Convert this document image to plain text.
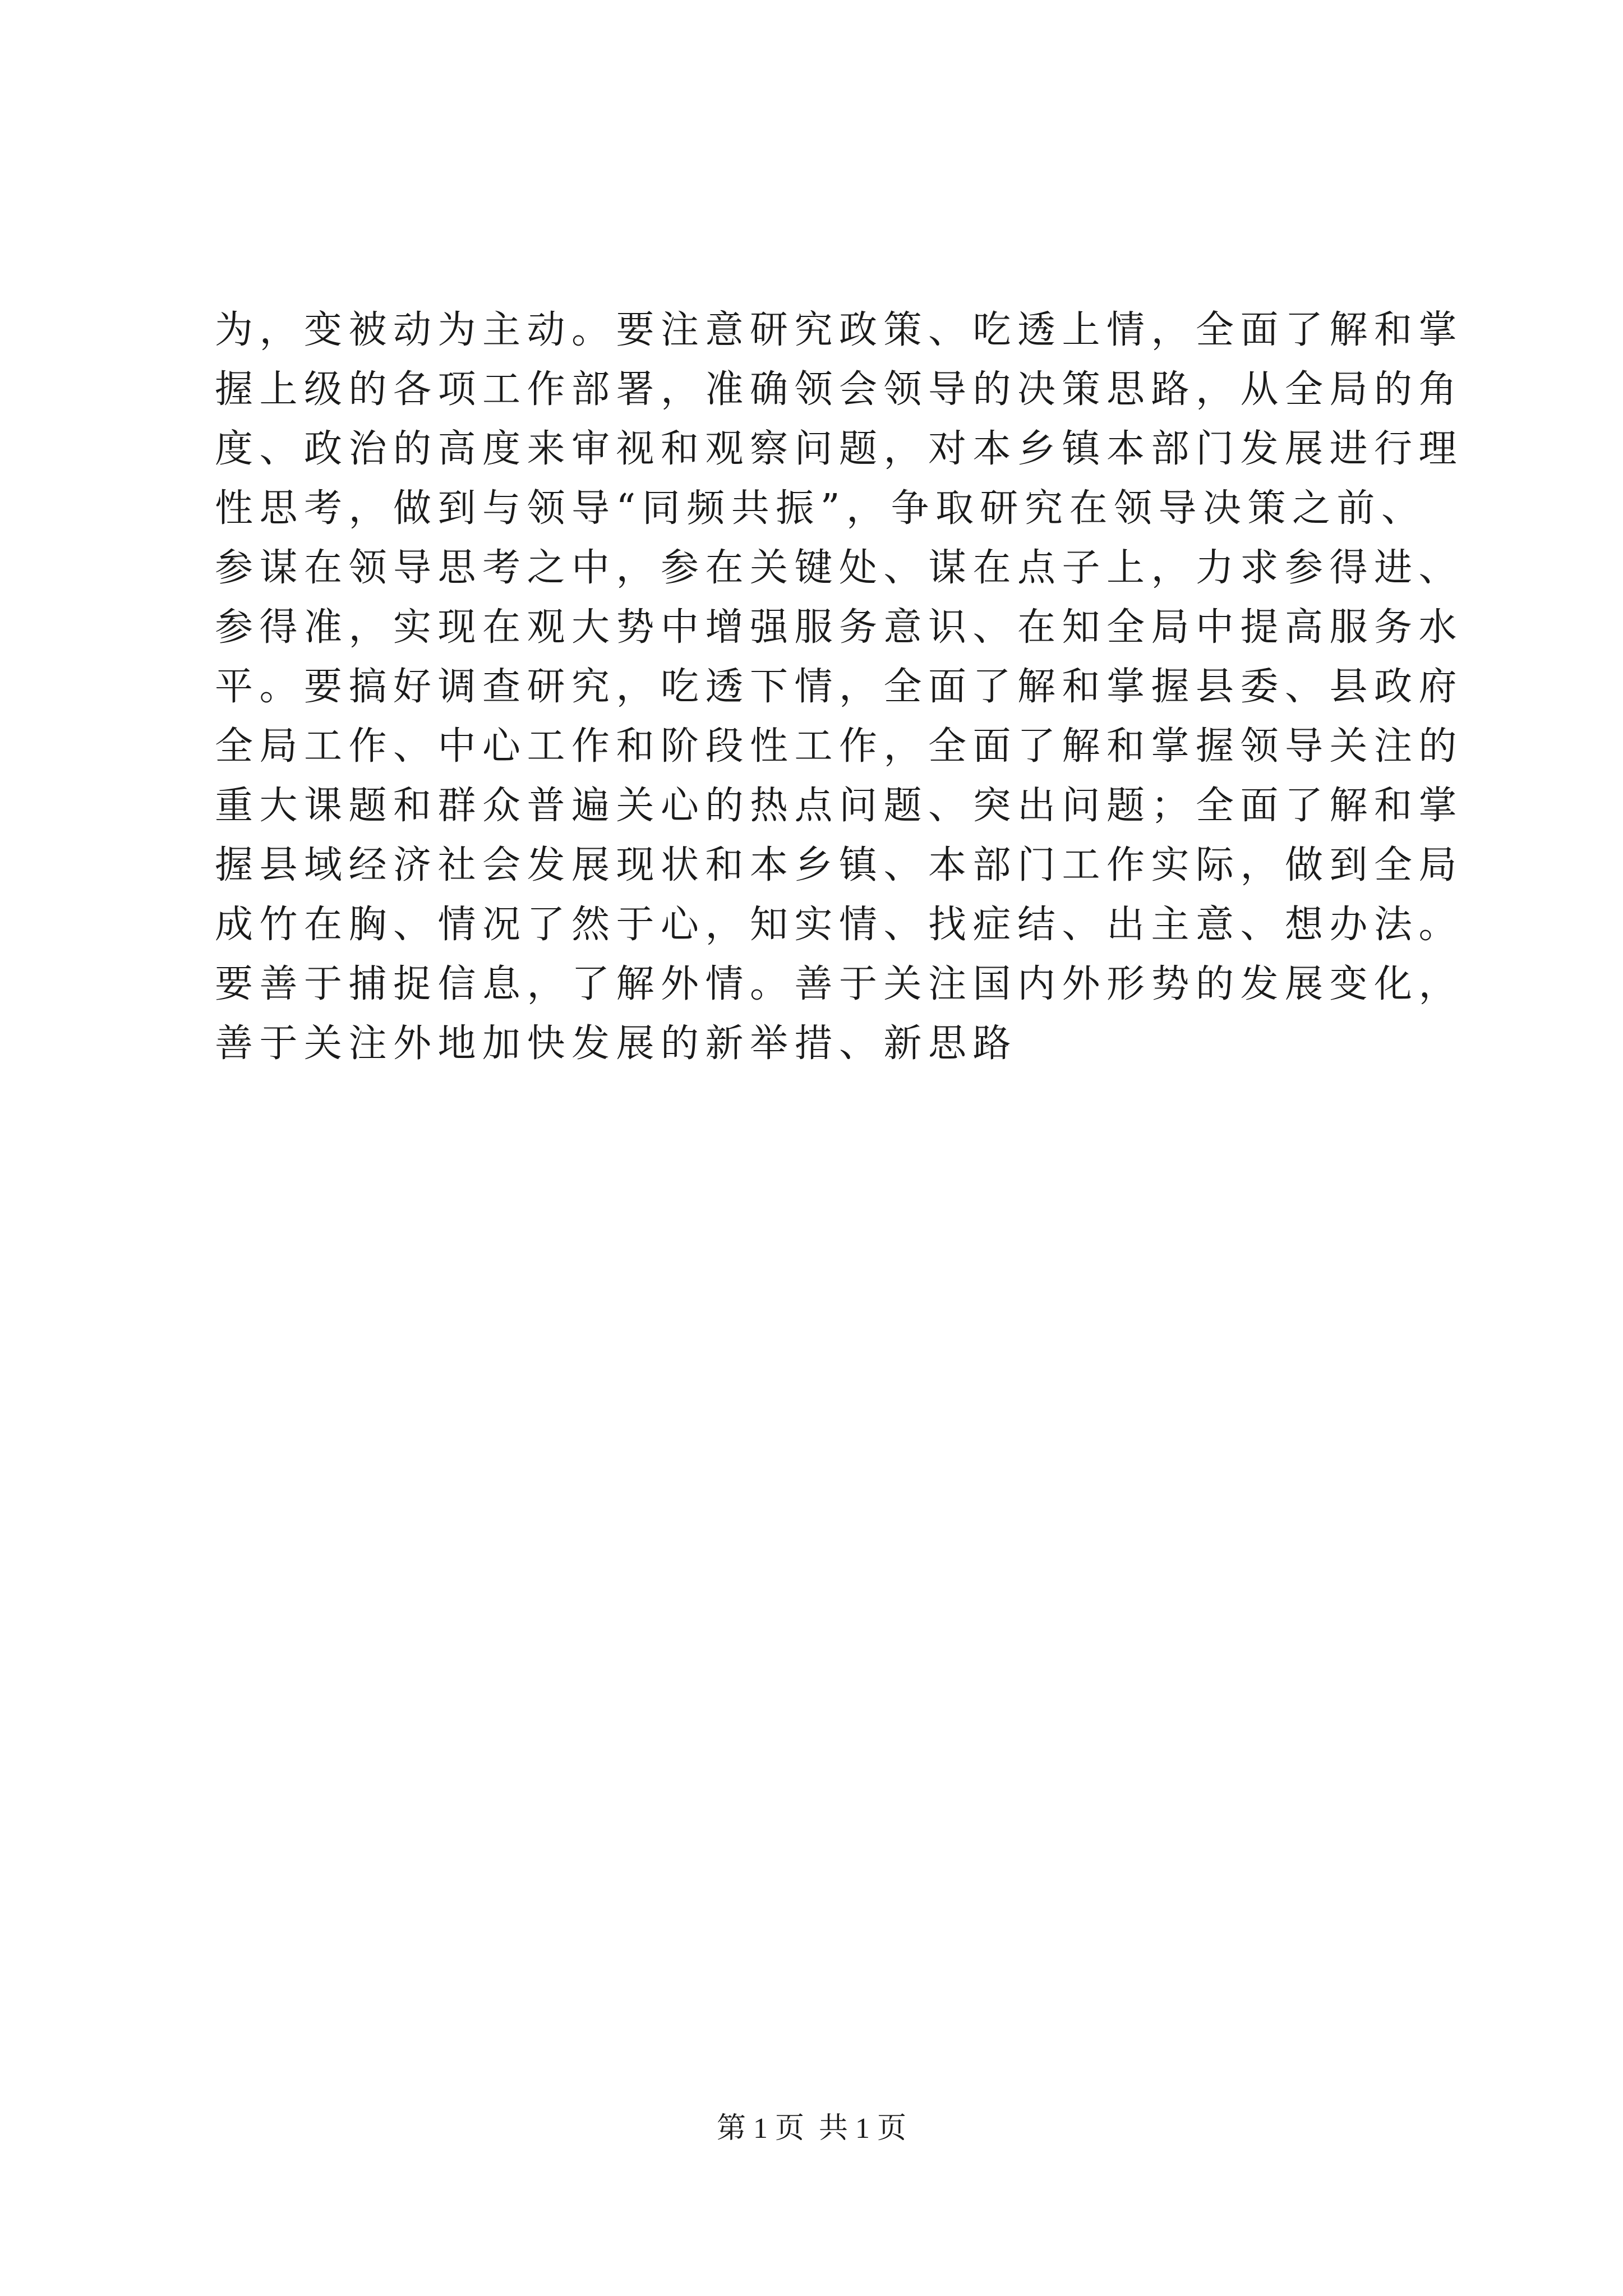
为，变被动为主动。要注意研究政策、吃透上情，全面了解和掌
握上级的各项工作部署，准确领会领导的决策思路，从全局的角
度、政治的高度来审视和观察问题，对本乡镇本部门发展进行理
性思考，做到与领导“同频共振”，争取研究在领导决策之前、
参谋在领导思考之中，参在关键处、谋在点子上，力求参得进、
参得准，实现在观大势中增强服务意识、在知全局中提高服务水
平。要搞好调查研究，吃透下情，全面了解和掌握县委、县政府
全局工作、中心工作和阶段性工作，全面了解和掌握领导关注的
重大课题和群众普遍关心的热点问题、突出问题；全面了解和掌
握县域经济社会发展现状和本乡镇、本部门工作实际，做到全局
成竹在胸、情况了然于心，知实情、找症结、出主意、想办法。
要善于捕捉信息，了解外情。善于关注国内外形势的发展变化，
善于关注外地加快发展的新举措、新思路
第 1 页  共 1 页
